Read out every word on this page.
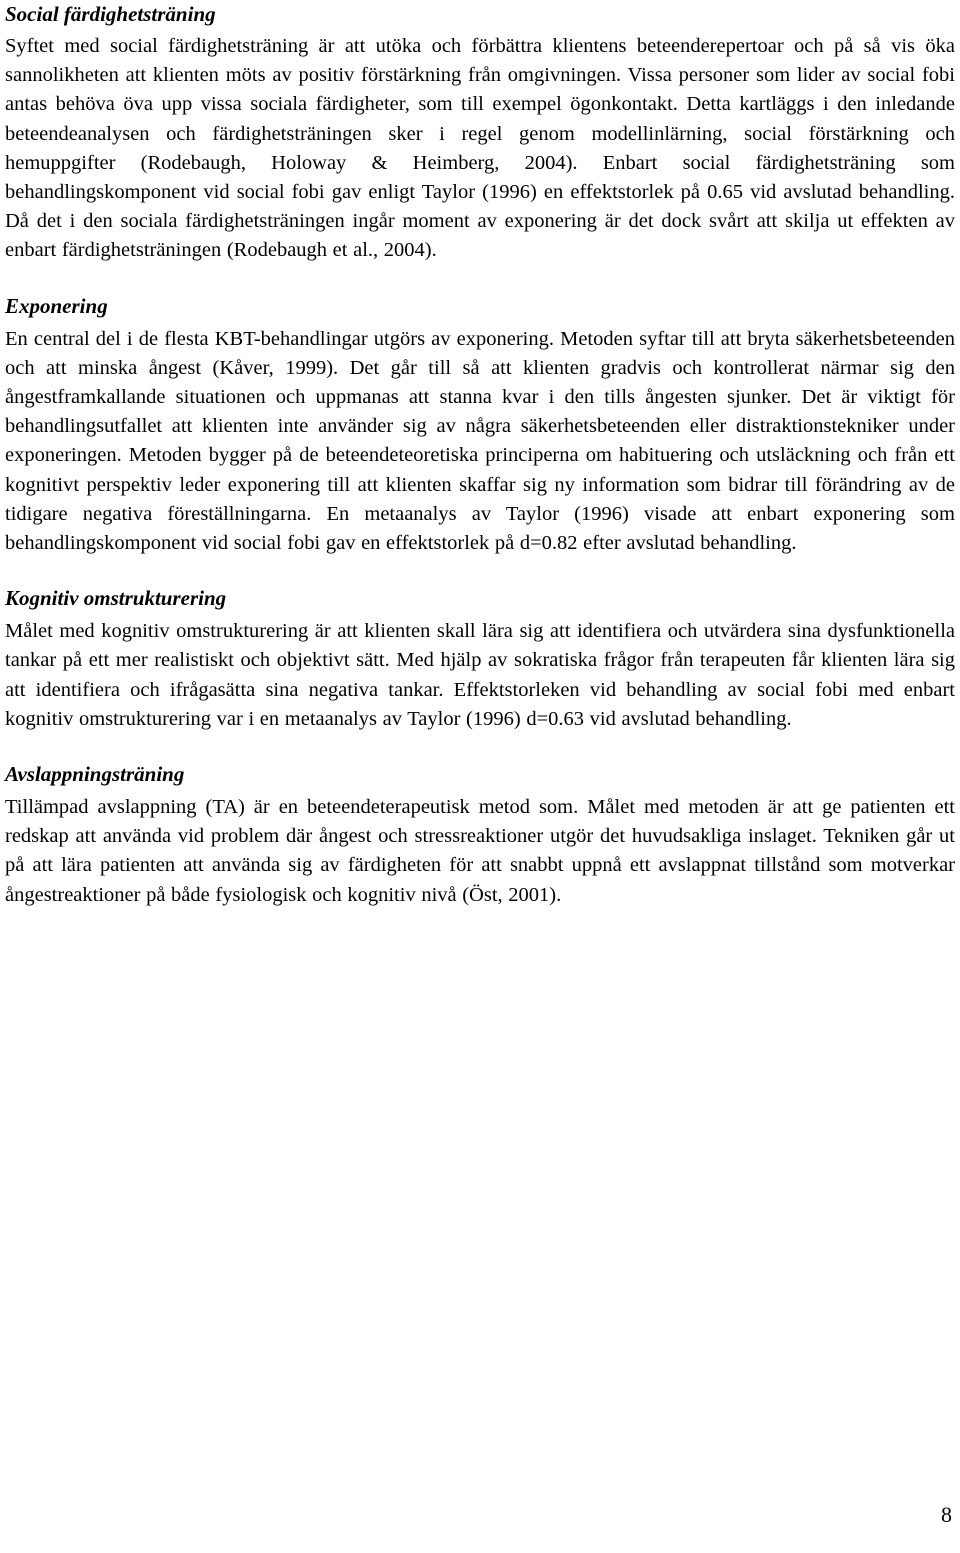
Social färdighetsträning

Syftet med social färdighetsträning är att utöka och förbättra klientens beteenderepertoar och på så vis öka sannolikheten att klienten möts av positiv förstärkning från omgivningen. Vissa personer som lider av social fobi antas behöva öva upp vissa sociala färdigheter, som till exempel ögonkontakt. Detta kartläggs i den inledande beteendeanalysen och färdighetsträningen sker i regel genom modellinlärning, social förstärkning och hemuppgifter (Rodebaugh, Holoway & Heimberg, 2004). Enbart social färdighetsträning som behandlingskomponent vid social fobi gav enligt Taylor (1996) en effektstorlek på 0.65 vid avslutad behandling. Då det i den sociala färdighetsträningen ingår moment av exponering är det dock svårt att skilja ut effekten av enbart färdighetsträningen (Rodebaugh et al., 2004).

Exponering

En central del i de flesta KBT-behandlingar utgörs av exponering. Metoden syftar till att bryta säkerhetsbeteenden och att minska ångest (Kåver, 1999). Det går till så att klienten gradvis och kontrollerat närmar sig den ångestframkallande situationen och uppmanas att stanna kvar i den tills ångesten sjunker. Det är viktigt för behandlingsutfallet att klienten inte använder sig av några säkerhetsbeteenden eller distraktionstekniker under exponeringen. Metoden bygger på de beteendeteoretiska principerna om habituering och utsläckning och från ett kognitivt perspektiv leder exponering till att klienten skaffar sig ny information som bidrar till förändring av de tidigare negativa föreställningarna. En metaanalys av Taylor (1996) visade att enbart exponering som behandlingskomponent vid social fobi gav en effektstorlek på d=0.82 efter avslutad behandling.

Kognitiv omstrukturering

Målet med kognitiv omstrukturering är att klienten skall lära sig att identifiera och utvärdera sina dysfunktionella tankar på ett mer realistiskt och objektivt sätt. Med hjälp av sokratiska frågor från terapeuten får klienten lära sig att identifiera och ifrågasätta sina negativa tankar. Effektstorleken vid behandling av social fobi med enbart kognitiv omstrukturering var i en metaanalys av Taylor (1996) d=0.63 vid avslutad behandling.

Avslappningsträning

Tillämpad avslappning (TA) är en beteendeterapeutisk metod som. Målet med metoden är att ge patienten ett redskap att använda vid problem där ångest och stressreaktioner utgör det huvudsakliga inslaget. Tekniken går ut på att lära patienten att använda sig av färdigheten för att snabbt uppnå ett avslappnat tillstånd som motverkar ångestreaktioner på både fysiologisk och kognitiv nivå (Öst, 2001).

8
